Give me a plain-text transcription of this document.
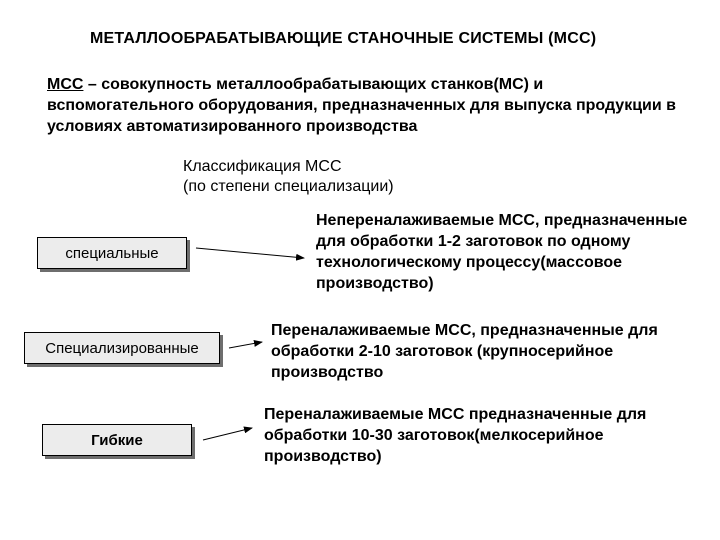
МЕТАЛЛООБРАБАТЫВАЮЩИЕ СТАНОЧНЫЕ СИСТЕМЫ (МСС)
МСС – совокупность металлообрабатывающих станков(МС) и вспомогательного оборудования, предназначенных для выпуска продукции в условиях автоматизированного производства
Классификация МСС
(по степени специализации)
специальные
Специализированные
Гибкие
Непереналаживаемые МСС, предназначенные для обработки 1-2 заготовок по одному технологическому процессу(массовое производство)
Переналаживаемые МСС, предназначенные для обработки 2-10 заготовок (крупносерийное производство
Переналаживаемые МСС предназначенные для обработки 10-30 заготовок(мелкосерийное производство)
